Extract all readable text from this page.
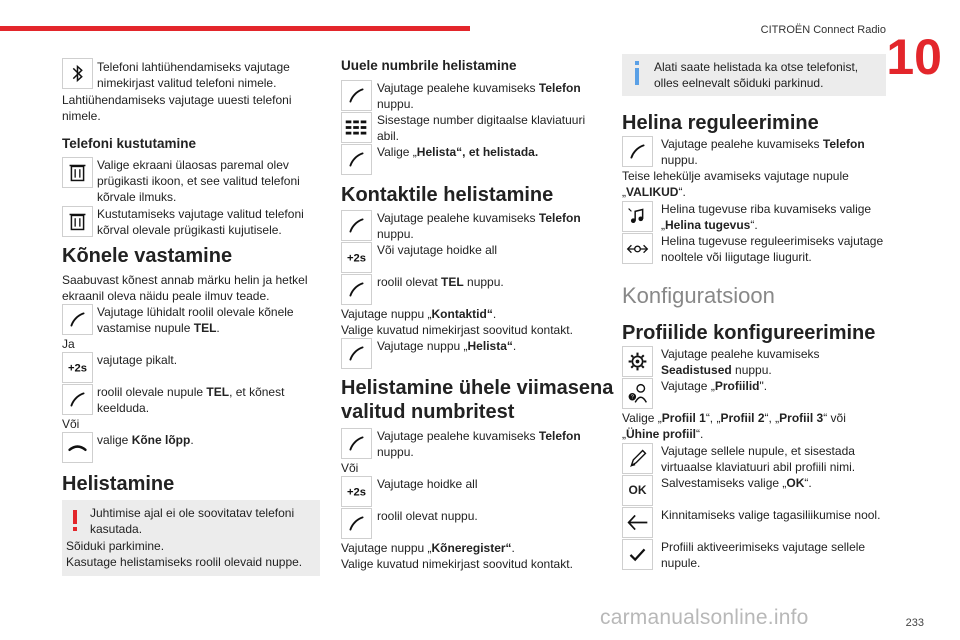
CITROËN Connect Radio 10
Telefoni lahtiühendamiseks vajutage nimekirjast valitud telefoni nimele.
Lahtiühendamiseks vajutage uuesti telefoni nimele.
Telefoni kustutamine
Valige ekraani ülaosas paremal olev prügikasti ikoon, et see valitud telefoni kõrvale ilmuks.
Kustutamiseks vajutage valitud telefoni kõrval olevale prügikasti kujutisele.
Kõnele vastamine
Saabuvast kõnest annab märku helin ja hetkel ekraanil oleva näidu peale ilmuv teade.
Vajutage lühidalt roolil olevale kõnele vastamise nupule TEL.
Ja
+2s
vajutage pikalt.
roolil olevale nupule TEL, et kõnest keelduda.
Või
valige Kõne lõpp.
Helistamine
Juhtimise ajal ei ole soovitatav telefoni kasutada.
Sõiduki parkimine.
Kasutage helistamiseks roolil olevaid nuppe.
Uuele numbrile helistamine
Vajutage pealehe kuvamiseks Telefon nuppu.
Sisestage number digitaalse klaviatuuri abil.
Valige „Helista“, et helistada.
Kontaktile helistamine
Vajutage pealehe kuvamiseks Telefon nuppu.
+2s
Või vajutage hoidke all
roolil olevat TEL nuppu.
Vajutage nuppu „Kontaktid“.
Valige kuvatud nimekirjast soovitud kontakt.
Vajutage nuppu „Helista“.
Helistamine ühele viimasena
valitud numbritest
Vajutage pealehe kuvamiseks Telefon nuppu.
Või
+2s
Vajutage hoidke all
roolil olevat nuppu.
Vajutage nuppu „Kõneregister“.
Valige kuvatud nimekirjast soovitud kontakt.
Alati saate helistada ka otse telefonist, olles eelnevalt sõiduki parkinud.
Helina reguleerimine
Vajutage pealehe kuvamiseks Telefon nuppu.
Teise lehekülje avamiseks vajutage nupule „VALIKUD“.
Helina tugevuse riba kuvamiseks valige „Helina tugevus“.
Helina tugevuse reguleerimiseks vajutage nooltele või liigutage liugurit.
Konfiguratsioon
Profiilide konfigureerimine
Vajutage pealehe kuvamiseks Seadistused nuppu.
?
Vajutage „Profiilid".
Valige „Profiil 1“, „Profiil 2“, „Profiil 3“ või „Ühine profiil“.
Vajutage sellele nupule, et sisestada virtuaalse klaviatuuri abil profiili nimi.
OK	Salvestamiseks valige „OK“.
Kinnitamiseks valige tagasiliikumise nool.
Profiili aktiveerimiseks vajutage sellele nupule.
233
carmanualsonline.info
